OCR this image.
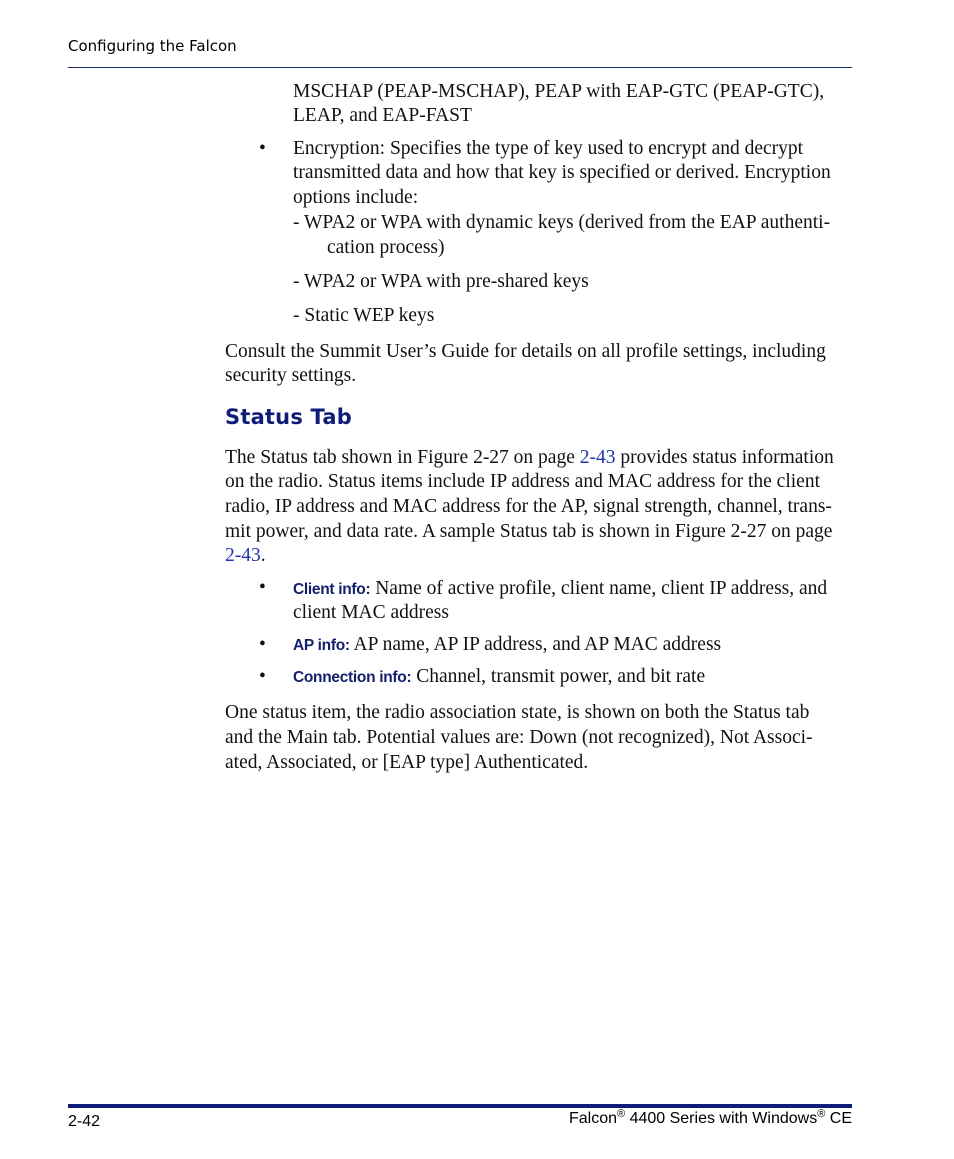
Configuring the Falcon
MSCHAP (PEAP-MSCHAP), PEAP with EAP-GTC (PEAP-GTC),
LEAP, and EAP-FAST
• Encryption: Specifies the type of key used to encrypt and decrypt
transmitted data and how that key is specified or derived. Encryption
options include:
- WPA2 or WPA with dynamic keys (derived from the EAP authenti-
cation process)
- WPA2 or WPA with pre-shared keys
- Static WEP keys
Consult the Summit User’s Guide for details on all profile settings, including
security settings.
Status Tab
The Status tab shown in Figure 2-27 on page 2-43 provides status information
on the radio. Status items include IP address and MAC address for the client
radio, IP address and MAC address for the AP, signal strength, channel, trans-
mit power, and data rate. A sample Status tab is shown in Figure 2-27 on page
2-43.
• Client info: Name of active profile, client name, client IP address, and
client MAC address
• AP info: AP name, AP IP address, and AP MAC address
• Connection info: Channel, transmit power, and bit rate
One status item, the radio association state, is shown on both the Status tab
and the Main tab. Potential values are: Down (not recognized), Not Associ-
ated, Associated, or [EAP type] Authenticated.
2-42	Falcon® 4400 Series with Windows® CE
